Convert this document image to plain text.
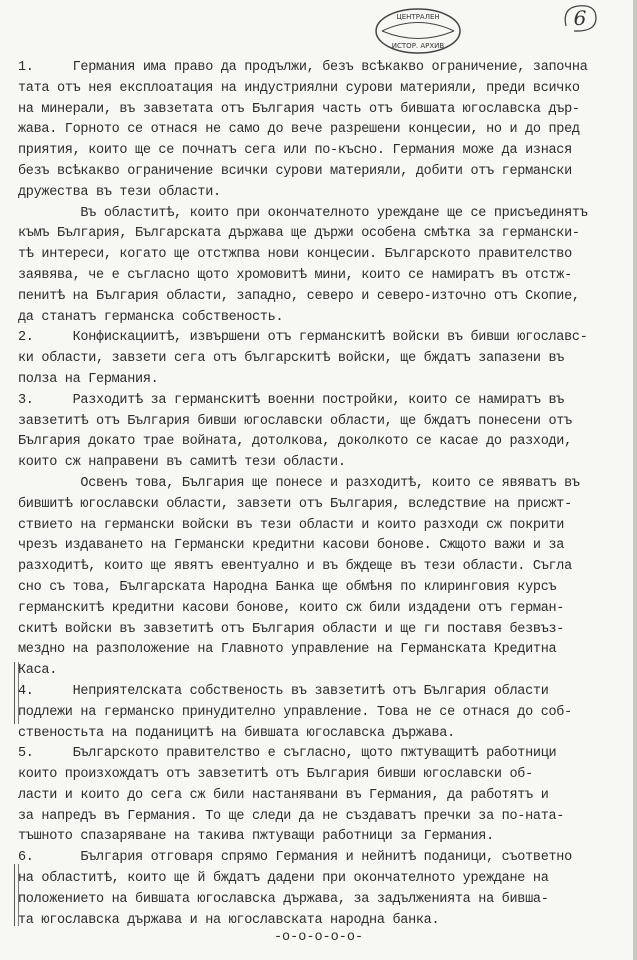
ЦЕНТРАЛЕН
ИСТОР. АРХИВ
6
1.     Германия има право да продължи, безъ всѣкакво ограничение, започна
тата отъ нея експлоатация на индустриялни сурови материяли, преди всичко
на минерали, въ завзетата отъ България часть отъ бившата югославска дър-
жава. Горното се отнася не само до вече разрешени концесии, но и до пред
приятия, които ще се почнатъ сега или по-късно. Германия може да изнася
безъ всѣкакво ограничение всички сурови материяли, добити отъ германски
дружества въ тези области.
Въ областитѣ, които при окончателното уреждане ще се присъединятъ
къмъ България, Българската държава ще държи особена смѣтка за германски-
тѣ интереси, когато ще отстжпва нови концесии. Българското правителство
заявява, че е съгласно щото хромовитѣ мини, които се намиратъ въ отстж-
пенитѣ на България области, западно, северо и северо-източно отъ Скопие,
да станатъ германска собственость.
2.     Конфискациитѣ, извършени отъ германскитѣ войски въ бивши югославс-
ки области, завзети сега отъ българскитѣ войски, ще бждатъ запазени въ
полза на Германия.
3.     Разходитѣ за германскитѣ военни постройки, които се намиратъ въ
завзетитѣ отъ България бивши югославски области, ще бждатъ понесени отъ
България докато трае войната, дотолкова, доколкото се касае до разходи,
които сж направени въ самитѣ тези области.
Освенъ това, България ще понесе и разходитѣ, които се явяватъ въ
бившитѣ югославски области, завзети отъ България, вследствие на присжт-
ствието на германски войски въ тези области и които разходи сж покрити
чрезъ издаването на Германски кредитни касови бонове. Сжщото важи и за
разходитѣ, които ще явятъ евентуално и въ бждеще въ тези области. Съгла
сно съ това, Българската Народна Банка ще обмѣня по клиринговия курсъ
германскитѣ кредитни касови бонове, които сж били издадени отъ герман-
скитѣ войски въ завзетитѣ отъ България области и ще ги поставя безвъз-
мездно на разположение на Главното управление на Германската Кредитна
Каса.
4.     Неприятелската собственость въ завзетитѣ отъ България области
подлежи на германско принудително управление. Това не се отнася до соб-
ственостьта на поданицитѣ на бившата югославска държава.
5.     Българското правителство е съгласно, щото пжтуващитѣ работници
които произхождатъ отъ завзетитѣ отъ България бивши югославски об-
ласти и които до сега сж били настанявани въ Германия, да работятъ и
за напредъ въ Германия. То ще следи да не създаватъ пречки за по-ната-
тъшното спазаряване на такива пжтуващи работници за Германия.
6.      България отговаря спрямо Германия и нейнитѣ поданици, съответно
на областитѣ, които ще й бждатъ дадени при окончателното уреждане на
положението на бившата югославска държава, за задълженията на бивша-
та югославска държава и на югославската народна банка.
-о-о-о-о-о-
